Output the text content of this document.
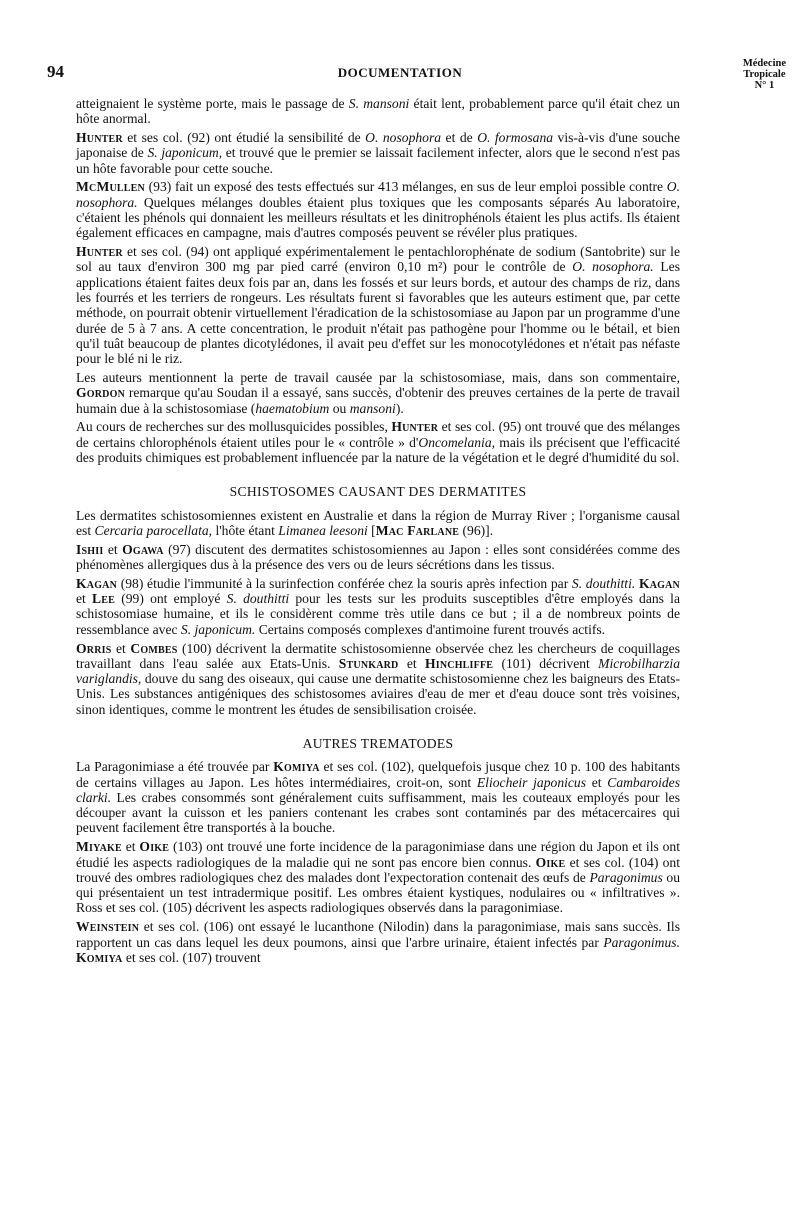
94	DOCUMENTATION
Médecine
Tropicale
N° 1

atteignaient le système porte, mais le passage de S. mansoni était lent, probablement parce qu'il était chez un hôte anormal.

Hunter et ses col. (92) ont étudié la sensibilité de O. nosophora et de O. formosana vis-à-vis d'une souche japonaise de S. japonicum, et trouvé que le premier se laissait facilement infecter, alors que le second n'est pas un hôte favorable pour cette souche.

McMullen (93) fait un exposé des tests effectués sur 413 mélanges, en sus de leur emploi possible contre O. nosophora. Quelques mélanges doubles étaient plus toxiques que les composants séparés Au laboratoire, c'étaient les phénols qui donnaient les meilleurs résultats et les dinitrophénols étaient les plus actifs. Ils étaient également efficaces en campagne, mais d'autres composés peuvent se révéler plus pratiques.

Hunter et ses col. (94) ont appliqué expérimentalement le pentachlorophénate de sodium (Santobrite) sur le sol au taux d'environ 300 mg par pied carré (environ 0,10 m²) pour le contrôle de O. nosophora. Les applications étaient faites deux fois par an, dans les fossés et sur leurs bords, et autour des champs de riz, dans les fourrés et les terriers de rongeurs. Les résultats furent si favorables que les auteurs estiment que, par cette méthode, on pourrait obtenir virtuellement l'éradication de la schistosomiase au Japon par un programme d'une durée de 5 à 7 ans. A cette concentration, le produit n'était pas pathogène pour l'homme ou le bétail, et bien qu'il tuât beaucoup de plantes dicotylédones, il avait peu d'effet sur les monocotylédones et n'était pas néfaste pour le blé ni le riz.

Les auteurs mentionnent la perte de travail causée par la schistosomiase, mais, dans son commentaire, Gordon remarque qu'au Soudan il a essayé, sans succès, d'obtenir des preuves certaines de la perte de travail humain due à la schistosomiase (haematobium ou mansoni).

Au cours de recherches sur des mollusquicides possibles, Hunter et ses col. (95) ont trouvé que des mélanges de certains chlorophénols étaient utiles pour le « contrôle » d'Oncomelania, mais ils précisent que l'efficacité des produits chimiques est probablement influencée par la nature de la végétation et le degré d'humidité du sol.

SCHISTOSOMES CAUSANT DES DERMATITES

Les dermatites schistosomiennes existent en Australie et dans la région de Murray River ; l'organisme causal est Cercaria parocellata, l'hôte étant Limanea leesoni [Mac Farlane (96)].

Ishii et Ogawa (97) discutent des dermatites schistosomiennes au Japon : elles sont considérées comme des phénomènes allergiques dus à la présence des vers ou de leurs sécrétions dans les tissus.

Kagan (98) étudie l'immunité à la surinfection conférée chez la souris après infection par S. douthitti. Kagan et Lee (99) ont employé S. douthitti pour les tests sur les produits susceptibles d'être employés dans la schistosomiase humaine, et ils le considèrent comme très utile dans ce but ; il a de nombreux points de ressemblance avec S. japonicum. Certains composés complexes d'antimoine furent trouvés actifs.

Orris et Combes (100) décrivent la dermatite schistosomienne observée chez les chercheurs de coquillages travaillant dans l'eau salée aux Etats-Unis. Stunkard et Hinchliffe (101) décrivent Microbilharzia variglandis, douve du sang des oiseaux, qui cause une dermatite schistosomienne chez les baigneurs des Etats-Unis. Les substances antigéniques des schistosomes aviaires d'eau de mer et d'eau douce sont très voisines, sinon identiques, comme le montrent les études de sensibilisation croisée.

AUTRES TREMATODES

La Paragonimiase a été trouvée par Komiya et ses col. (102), quelquefois jusque chez 10 p. 100 des habitants de certains villages au Japon. Les hôtes intermédiaires, croit-on, sont Eliocheir japonicus et Cambaroides clarki. Les crabes consommés sont généralement cuits suffisamment, mais les couteaux employés pour les découper avant la cuisson et les paniers contenant les crabes sont contaminés par des métacercaires qui peuvent facilement être transportés à la bouche.

Miyake et Oike (103) ont trouvé une forte incidence de la paragonimiase dans une région du Japon et ils ont étudié les aspects radiologiques de la maladie qui ne sont pas encore bien connus. Oike et ses col. (104) ont trouvé des ombres radiologiques chez des malades dont l'expectoration contenait des œufs de Paragonimus ou qui présentaient un test intradermique positif. Les ombres étaient kystiques, nodulaires ou « infiltratives ». Ross et ses col. (105) décrivent les aspects radiologiques observés dans la paragonimiase.

Weinstein et ses col. (106) ont essayé le lucanthone (Nilodin) dans la paragonimiase, mais sans succès. Ils rapportent un cas dans lequel les deux poumons, ainsi que l'arbre urinaire, étaient infectés par Paragonimus. Komiya et ses col. (107) trouvent
